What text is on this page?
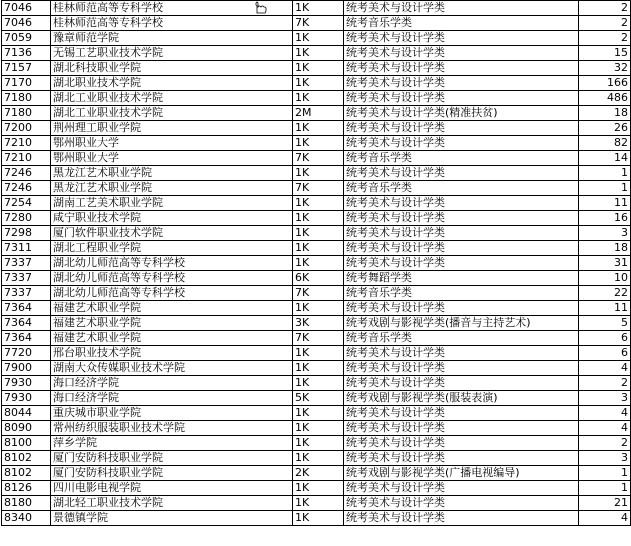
7046	桂林师范高等专科学校	1K	统考美术与设计学类	2
7046	桂林师范高等专科学校	7K	统考音乐学类	2
7059	豫章师范学院	1K	统考美术与设计学类	2
7136	无锡工艺职业技术学院	1K	统考美术与设计学类	15
7157	湖北科技职业学院	1K	统考美术与设计学类	32
7170	湖北职业技术学院	1K	统考美术与设计学类	166
7180	湖北工业职业技术学院	1K	统考美术与设计学类	486
7180	湖北工业职业技术学院	2M	统考美术与设计学类(精准扶贫)	18
7200	荆州理工职业学院	1K	统考美术与设计学类	26
7210	鄂州职业大学	1K	统考美术与设计学类	82
7210	鄂州职业大学	7K	统考音乐学类	14
7246	黑龙江艺术职业学院	1K	统考美术与设计学类	1
7246	黑龙江艺术职业学院	7K	统考音乐学类	1
7254	湖南工艺美术职业学院	1K	统考美术与设计学类	11
7280	咸宁职业技术学院	1K	统考美术与设计学类	16
7298	厦门软件职业技术学院	1K	统考美术与设计学类	3
7311	湖北工程职业学院	1K	统考美术与设计学类	18
7337	湖北幼儿师范高等专科学校	1K	统考美术与设计学类	31
7337	湖北幼儿师范高等专科学校	6K	统考舞蹈学类	10
7337	湖北幼儿师范高等专科学校	7K	统考音乐学类	22
7364	福建艺术职业学院	1K	统考美术与设计学类	11
7364	福建艺术职业学院	3K	统考戏剧与影视学类(播音与主持艺术)	5
7364	福建艺术职业学院	7K	统考音乐学类	6
7720	邢台职业技术学院	1K	统考美术与设计学类	6
7900	湖南大众传媒职业技术学院	1K	统考美术与设计学类	4
7930	海口经济学院	1K	统考美术与设计学类	2
7930	海口经济学院	5K	统考戏剧与影视学类(服装表演)	3
8044	重庆城市职业学院	1K	统考美术与设计学类	4
8090	常州纺织服装职业技术学院	1K	统考美术与设计学类	4
8100	萍乡学院	1K	统考美术与设计学类	2
8102	厦门安防科技职业学院	1K	统考美术与设计学类	3
8102	厦门安防科技职业学院	2K	统考戏剧与影视学类(广播电视编导)	1
8126	四川电影电视学院	1K	统考美术与设计学类	1
8180	湖北轻工职业技术学院	1K	统考美术与设计学类	21
8340	景德镇学院	1K	统考美术与设计学类	4
